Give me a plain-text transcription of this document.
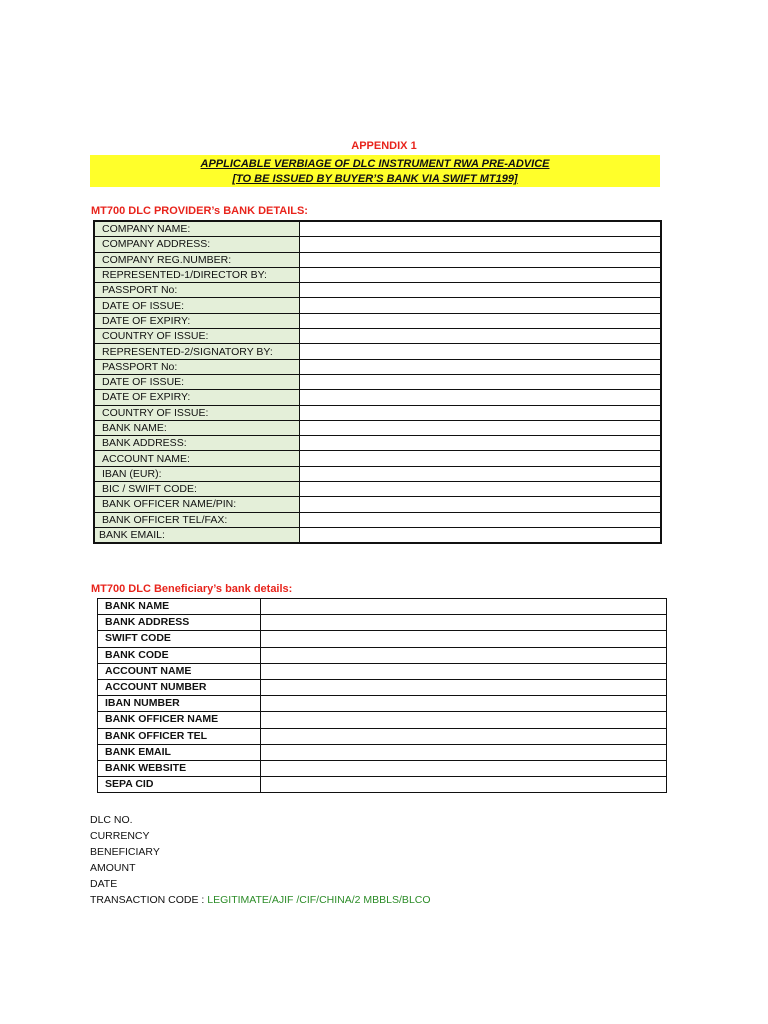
APPENDIX 1
APPLICABLE VERBIAGE OF DLC INSTRUMENT RWA PRE-ADVICE
[TO BE ISSUED BY BUYER’S BANK VIA SWIFT MT199]
MT700 DLC PROVIDER’s BANK DETAILS:
COMPANY NAME:	
COMPANY ADDRESS:	
COMPANY REG.NUMBER:	
REPRESENTED-1/DIRECTOR BY:	
PASSPORT No:	
DATE OF ISSUE:	
DATE OF EXPIRY:	
COUNTRY OF ISSUE:	
REPRESENTED-2/SIGNATORY BY:	
PASSPORT No:	
DATE OF ISSUE:	
DATE OF EXPIRY:	
COUNTRY OF ISSUE:	
BANK NAME:	
BANK ADDRESS:	
ACCOUNT NAME:	
IBAN (EUR):	
BIC / SWIFT CODE:	
BANK OFFICER NAME/PIN:	
BANK OFFICER TEL/FAX:	
BANK EMAIL:	
MT700 DLC Beneficiary’s bank details:
BANK NAME	
BANK ADDRESS	
SWIFT CODE	
BANK CODE	
ACCOUNT NAME	
ACCOUNT NUMBER	
IBAN NUMBER	
BANK OFFICER NAME	
BANK OFFICER TEL	
BANK EMAIL	
BANK WEBSITE	
SEPA CID	
DLC NO.
CURRENCY
BENEFICIARY
AMOUNT
DATE
TRANSACTION CODE : LEGITIMATE/AJIF /CIF/CHINA/2 MBBLS/BLCO
